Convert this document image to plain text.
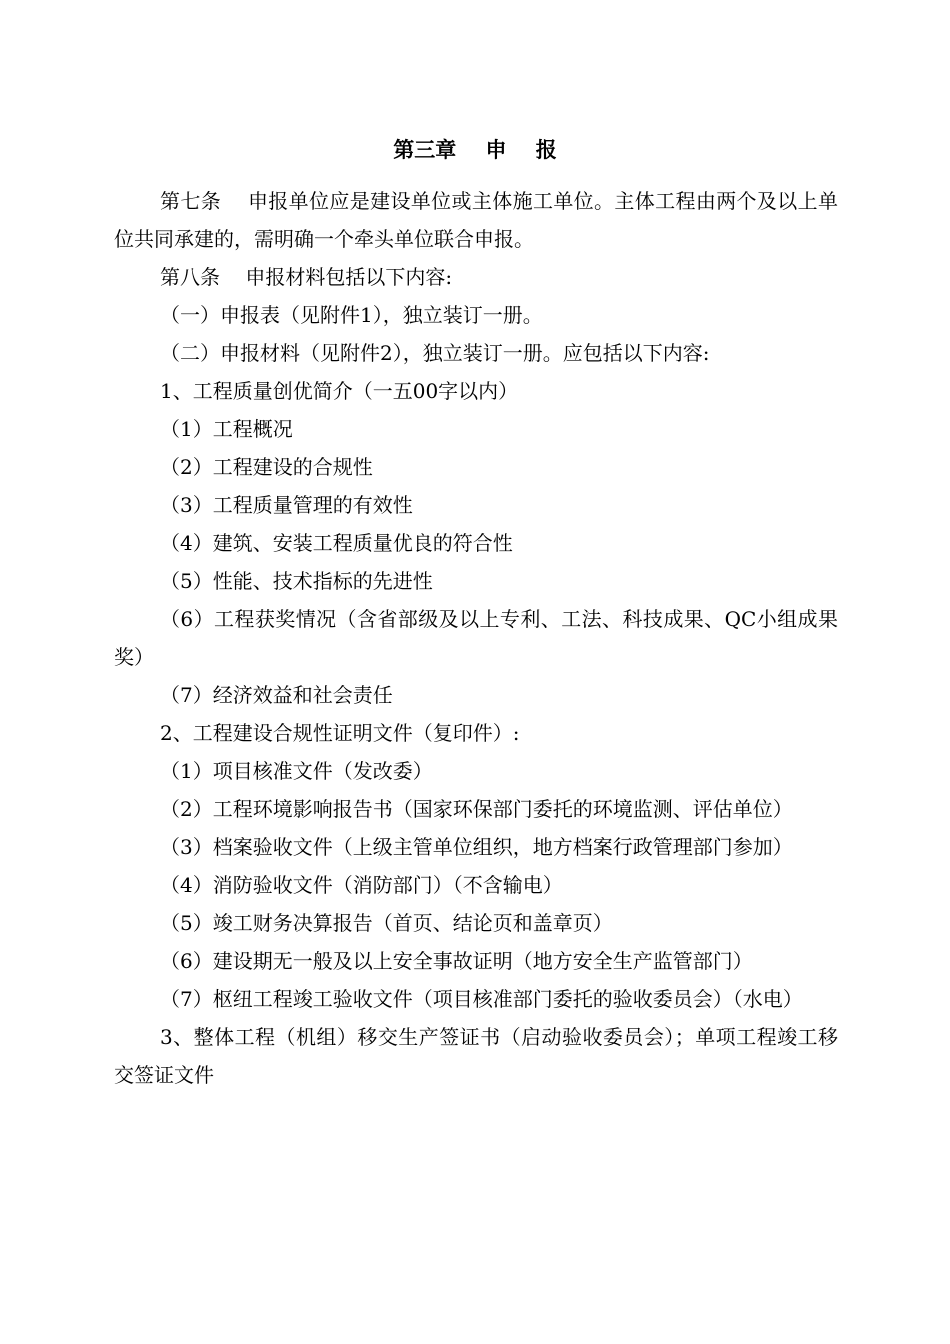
第三章    申    报

第七条    申报单位应是建设单位或主体施工单位。主体工程由两个及以上单位共同承建的，需明确一个牵头单位联合申报。

第八条    申报材料包括以下内容:

（一）申报表（见附件1），独立装订一册。

（二）申报材料（见附件2），独立装订一册。应包括以下内容:

1、工程质量创优简介（一五00字以内）

（1）工程概况

（2）工程建设的合规性

（3）工程质量管理的有效性

（4）建筑、安装工程质量优良的符合性

（5）性能、技术指标的先进性

（6）工程获奖情况（含省部级及以上专利、工法、科技成果、QC小组成果奖）

（7）经济效益和社会责任

2、工程建设合规性证明文件（复印件）:

（1）项目核准文件（发改委）

（2）工程环境影响报告书（国家环保部门委托的环境监测、评估单位）

（3）档案验收文件（上级主管单位组织，地方档案行政管理部门参加）

（4）消防验收文件（消防部门）（不含输电）

（5）竣工财务决算报告（首页、结论页和盖章页）

（6）建设期无一般及以上安全事故证明（地方安全生产监管部门）

（7）枢纽工程竣工验收文件（项目核准部门委托的验收委员会）（水电）

3、整体工程（机组）移交生产签证书（启动验收委员会）；单项工程竣工移交签证文件
